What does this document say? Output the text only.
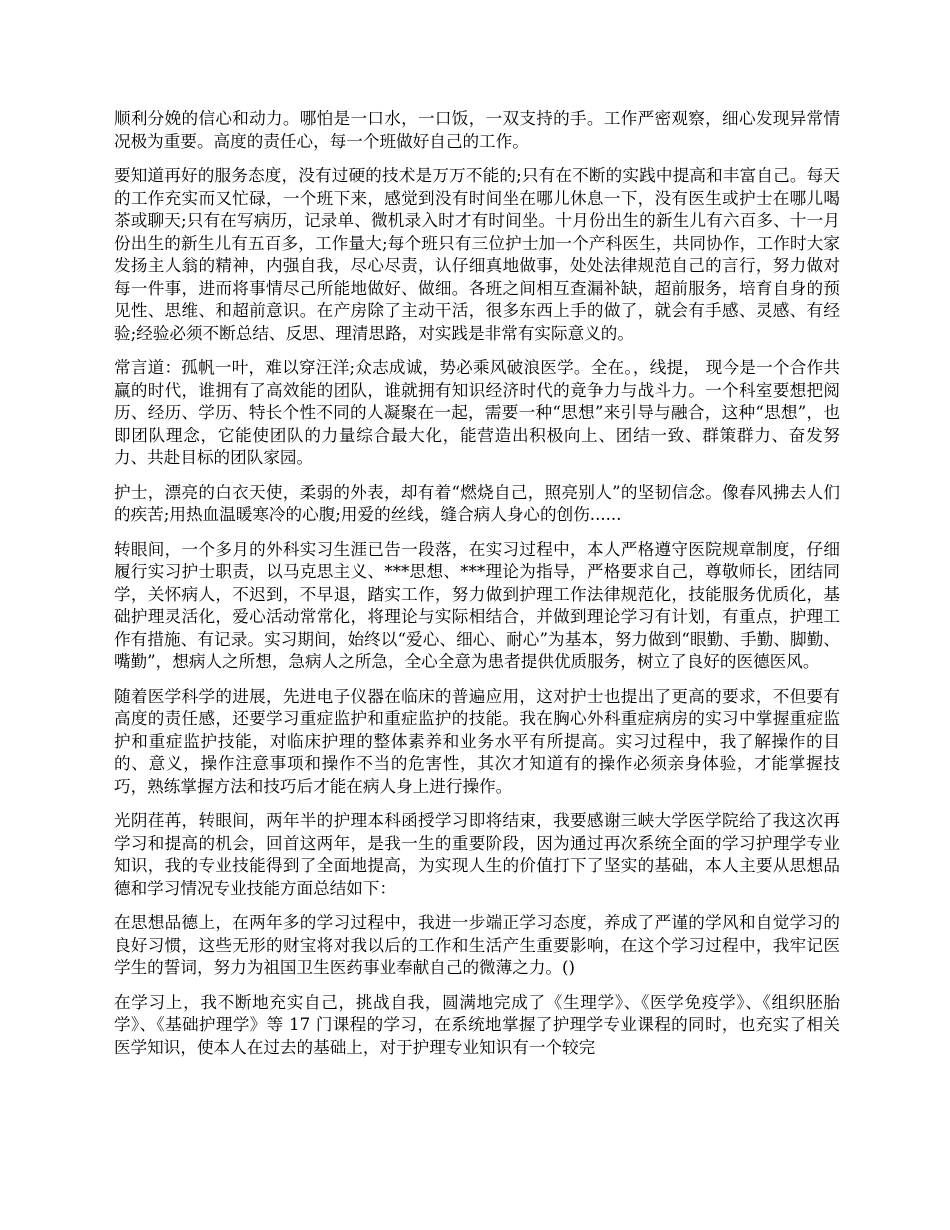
顺利分娩的信心和动力。哪怕是一口水，一口饭，一双支持的手。工作严密观察，细心发现异常情况极为重要。高度的责任心，每一个班做好自己的工作。

要知道再好的服务态度，没有过硬的技术是万万不能的;只有在不断的实践中提高和丰富自己。每天的工作充实而又忙碌，一个班下来，感觉到没有时间坐在哪儿休息一下，没有医生或护士在哪儿喝茶或聊天;只有在写病历，记录单、微机录入时才有时间坐。十月份出生的新生儿有六百多、十一月份出生的新生儿有五百多，工作量大;每个班只有三位护士加一个产科医生，共同协作，工作时大家发扬主人翁的精神，内强自我，尽心尽责，认仔细真地做事，处处法律规范自己的言行，努力做对每一件事，进而将事情尽己所能地做好、做细。各班之间相互查漏补缺，超前服务，培育自身的预见性、思维、和超前意识。在产房除了主动干活，很多东西上手的做了，就会有手感、灵感、有经验;经验必须不断总结、反思、理清思路，对实践是非常有实际意义的。

常言道：孤帆一叶，难以穿汪洋;众志成诚，势必乘风破浪医学。全在。，线提， 现今是一个合作共赢的时代，谁拥有了高效能的团队，谁就拥有知识经济时代的竟争力与战斗力。一个科室要想把阅历、经历、学历、特长个性不同的人凝聚在一起，需要一种“思想”来引导与融合，这种“思想”，也即团队理念，它能使团队的力量综合最大化，能营造出积极向上、团结一致、群策群力、奋发努力、共赴目标的团队家园。

护士，漂亮的白衣天使，柔弱的外表，却有着“燃烧自己，照亮别人”的坚韧信念。像春风拂去人们的疾苦;用热血温暖寒冷的心腹;用爱的丝线，缝合病人身心的创伤......

转眼间，一个多月的外科实习生涯已告一段落，在实习过程中，本人严格遵守医院规章制度，仔细履行实习护士职责，以马克思主义、***思想、***理论为指导，严格要求自己，尊敬师长，团结同学，关怀病人，不迟到，不早退，踏实工作，努力做到护理工作法律规范化，技能服务优质化，基础护理灵活化，爱心活动常常化，将理论与实际相结合，并做到理论学习有计划，有重点，护理工作有措施、有记录。实习期间，始终以“爱心、细心、耐心”为基本，努力做到“眼勤、手勤、脚勤、嘴勤”，想病人之所想，急病人之所急，全心全意为患者提供优质服务，树立了良好的医德医风。

随着医学科学的进展，先进电子仪器在临床的普遍应用，这对护士也提出了更高的要求，不但要有高度的责任感，还要学习重症监护和重症监护的技能。我在胸心外科重症病房的实习中掌握重症监护和重症监护技能，对临床护理的整体素养和业务水平有所提高。实习过程中，我了解操作的目的、意义，操作注意事项和操作不当的危害性，其次才知道有的操作必须亲身体验，才能掌握技巧，熟练掌握方法和技巧后才能在病人身上进行操作。

光阴荏苒，转眼间，两年半的护理本科函授学习即将结束，我要感谢三峡大学医学院给了我这次再学习和提高的机会，回首这两年，是我一生的重要阶段，因为通过再次系统全面的学习护理学专业知识，我的专业技能得到了全面地提高，为实现人生的价值打下了坚实的基础，本人主要从思想品德和学习情况专业技能方面总结如下：

在思想品德上，在两年多的学习过程中，我进一步端正学习态度，养成了严谨的学风和自觉学习的良好习惯，这些无形的财宝将对我以后的工作和生活产生重要影响，在这个学习过程中，我牢记医学生的誓词，努力为祖国卫生医药事业奉献自己的微薄之力。()

在学习上，我不断地充实自己，挑战自我，圆满地完成了《生理学》、《医学免疫学》、《组织胚胎学》、《基础护理学》等 17 门课程的学习，在系统地掌握了护理学专业课程的同时，也充实了相关医学知识，使本人在过去的基础上，对于护理专业知识有一个较完
